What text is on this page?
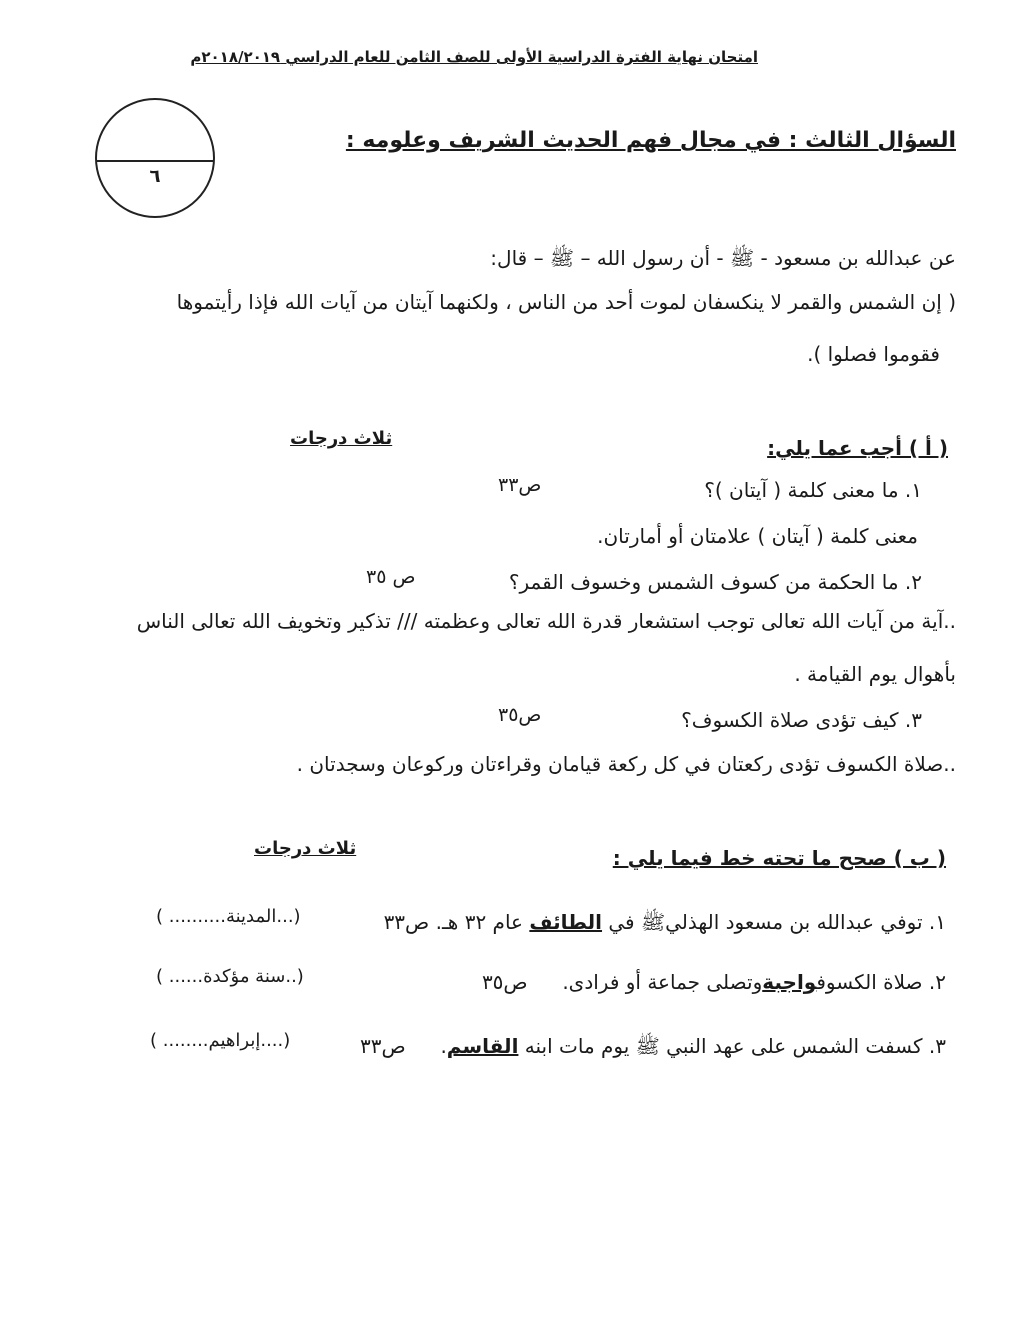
امتحان نهاية الفترة الدراسية الأولى للصف الثامن للعام الدراسي ٢٠١٨/٢٠١٩م
٦
السؤال الثالث : في مجال فهم الحديث الشريف وعلومه :
عن عبدالله بن مسعود - ﷺ - أن رسول الله – ﷺ – قال:
( إن الشمس والقمر لا ينكسفان لموت أحد من الناس ، ولكنهما آيتان من آيات الله فإذا رأيتموها
فقوموا فصلوا ).
( أ ) أجب عما يلي:
ثلاث درجات
١. ما معنى كلمة ( آيتان )؟
ص٣٣
معنى كلمة ( آيتان ) علامتان أو أمارتان.
٢. ما الحكمة من كسوف الشمس وخسوف القمر؟
ص ٣٥
..آية من آيات الله تعالى توجب استشعار قدرة الله تعالى وعظمته /// تذكير وتخويف الله تعالى الناس
بأهوال يوم القيامة .
٣. كيف تؤدى صلاة الكسوف؟
ص٣٥
..صلاة الكسوف تؤدى ركعتان في كل ركعة قيامان وقراءتان وركوعان وسجدتان .
( ب ) صحح ما تحته خط فيما يلي :
ثلاث درجات
١. توفي عبدالله بن مسعود الهذليﷺ في الطائف عام ٣٢ هـ. ص٣٣
(...المدينة.......... )
٢. صلاة الكسوفواجبةوتصلى جماعة أو فرادى.  ص٣٥
(..سنة مؤكدة...... )
٣. كسفت الشمس على عهد النبي ﷺ يوم مات ابنه القاسم.  ص٣٣
(....إبراهيم........ )
